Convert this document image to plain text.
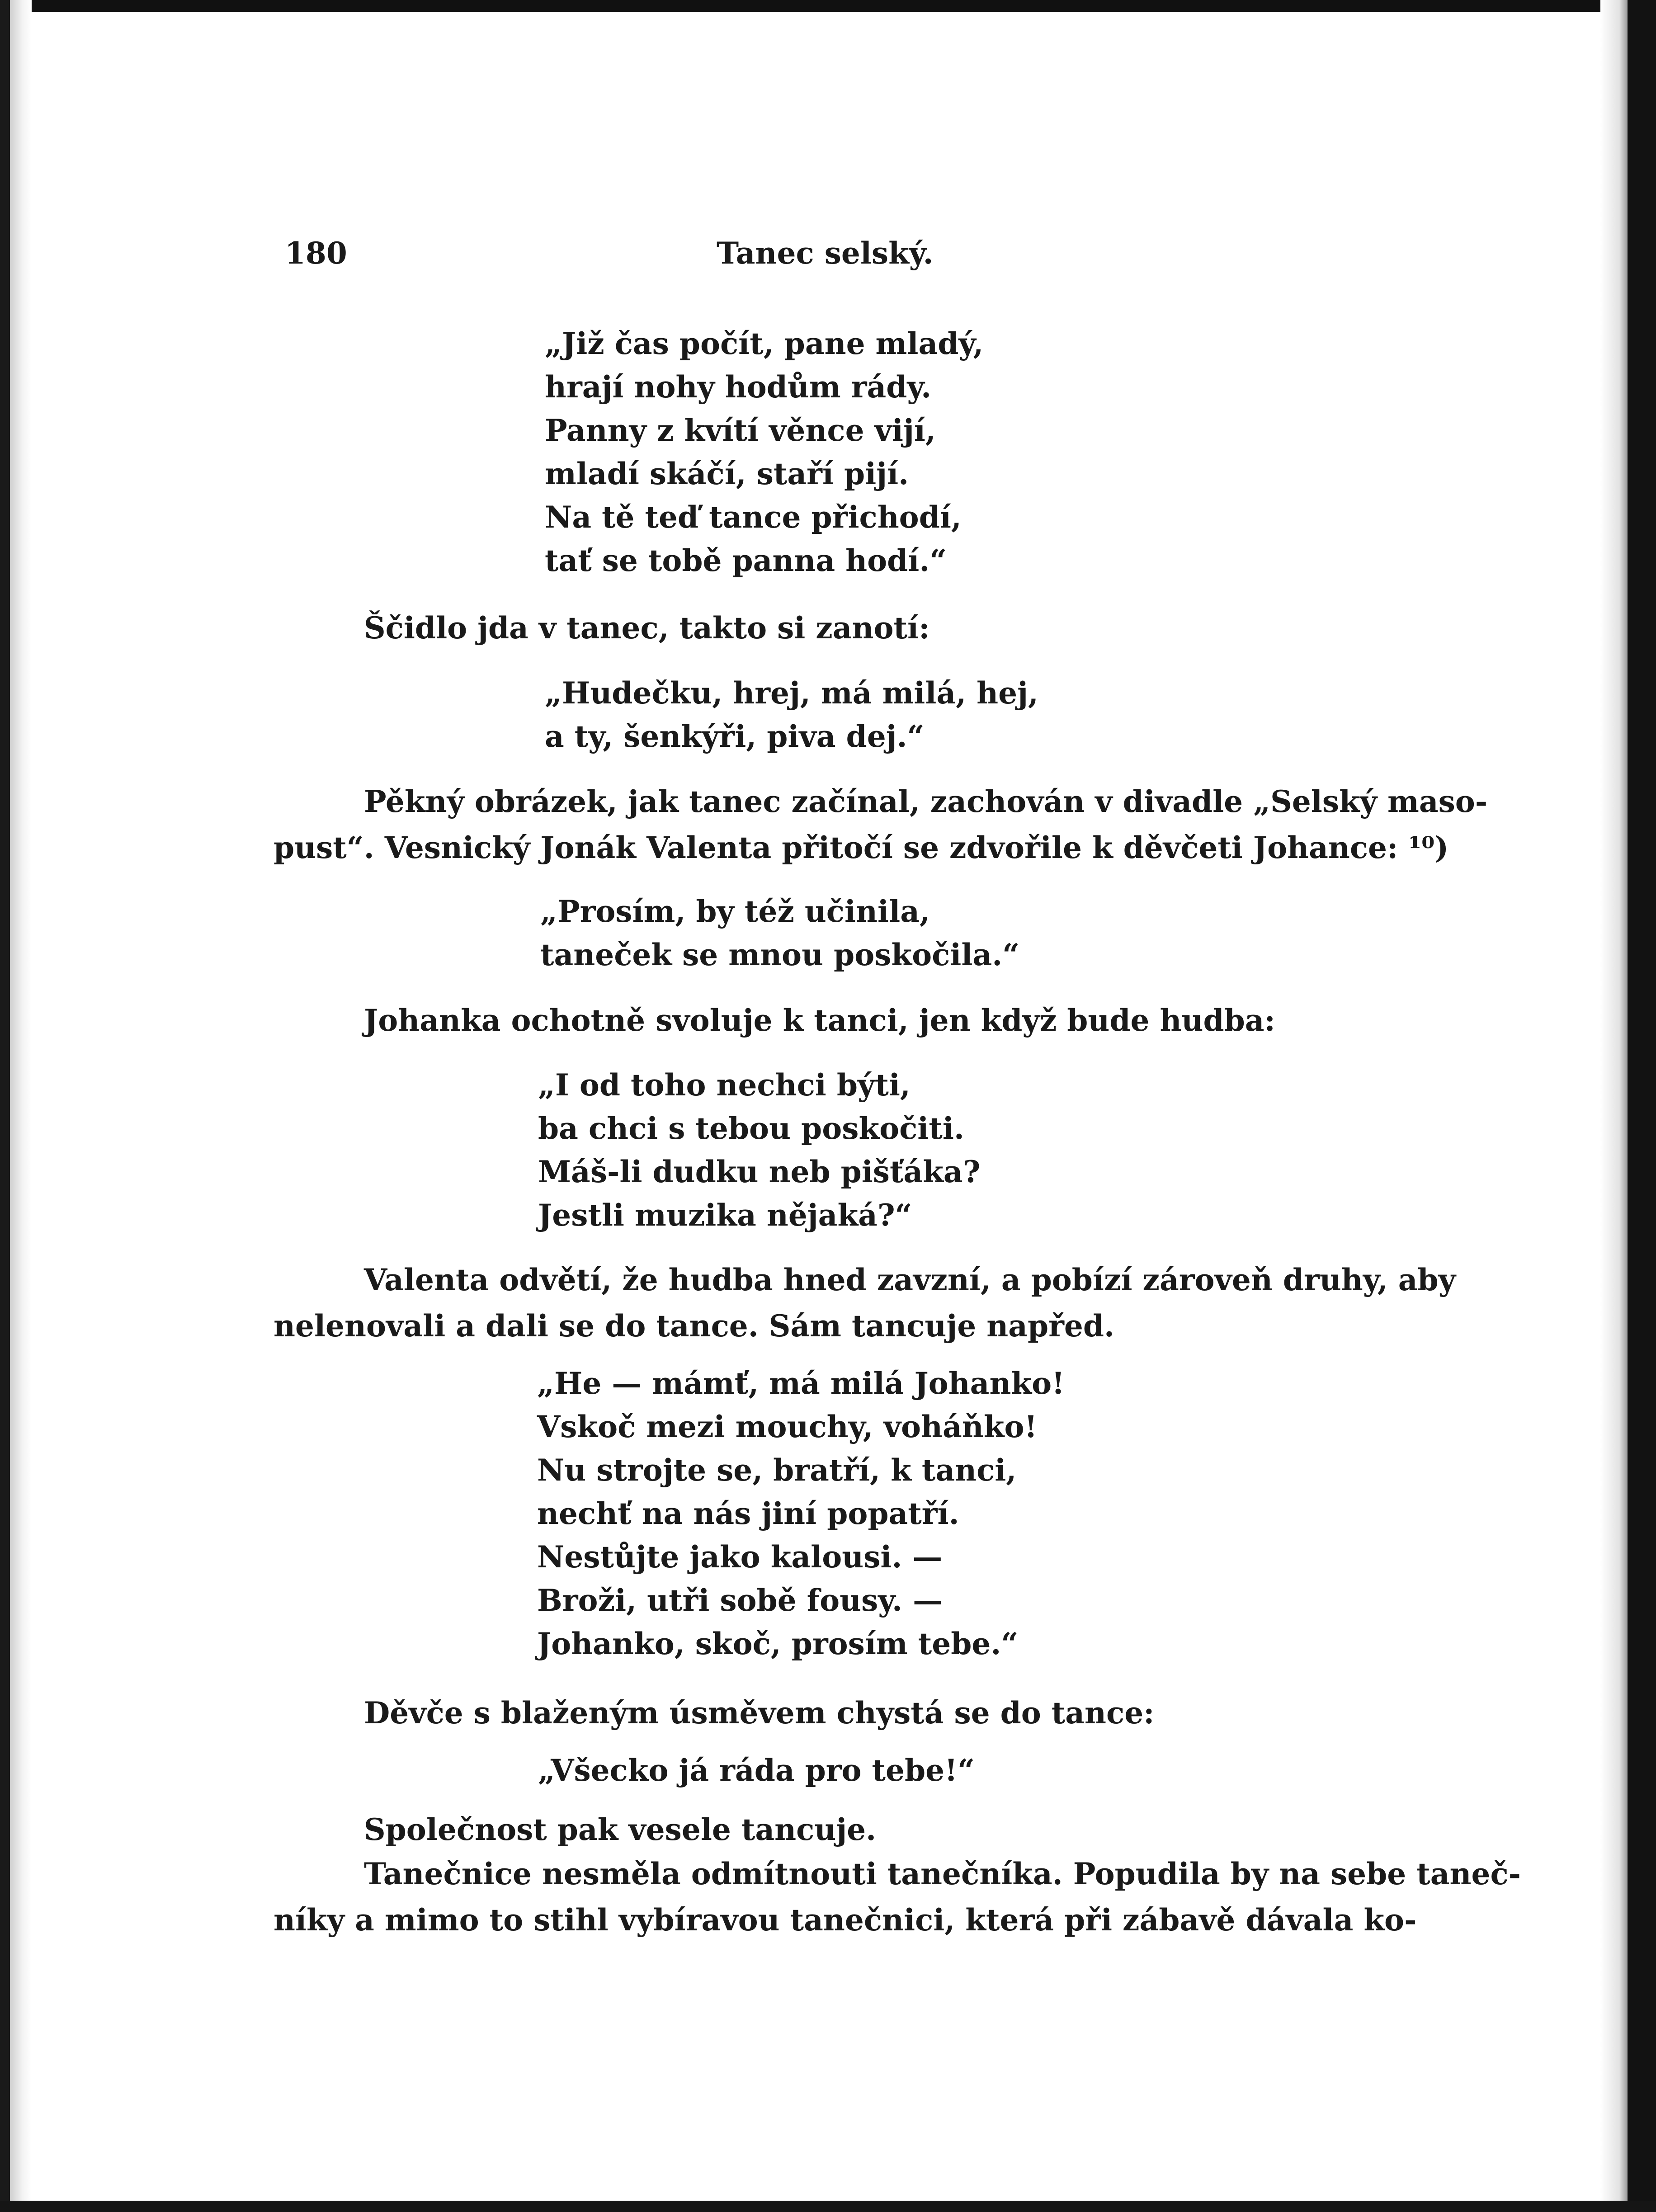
180	Tanec selský.
„Již čas počít, pane mladý,
hrají nohy hodům rády.
Panny z kvítí věnce vijí,
mladí skáčí, staří pijí.
Na tě teď tance přichodí,
tať se tobě panna hodí.“
Ščidlo jda v tanec, takto si zanotí:
„Hudečku, hrej, má milá, hej,
a ty, šenkýři, piva dej.“
Pěkný obrázek, jak tanec začínal, zachován v divadle „Selský maso-
pust“. Vesnický Jonák Valenta přitočí se zdvořile k děvčeti Johance: ¹⁰)
„Prosím, by též učinila,
taneček se mnou poskočila.“
Johanka ochotně svoluje k tanci, jen když bude hudba:
„I od toho nechci býti,
ba chci s tebou poskočiti.
Máš-li dudku neb pišťáka?
Jestli muzika nějaká?“
Valenta odvětí, že hudba hned zavzní, a pobízí zároveň druhy, aby
nelenovali a dali se do tance. Sám tancuje napřed.
„He — mámť, má milá Johanko!
Vskoč mezi mouchy, voháňko!
Nu strojte se, bratří, k tanci,
nechť na nás jiní popatří.
Nestůjte jako kalousi. —
Broži, utři sobě fousy. —
Johanko, skoč, prosím tebe.“
Děvče s blaženým úsměvem chystá se do tance:
„Všecko já ráda pro tebe!“
Společnost pak vesele tancuje.
Tanečnice nesměla odmítnouti tanečníka. Popudila by na sebe taneč-
níky a mimo to stihl vybíravou tanečnici, která při zábavě dávala ko-
